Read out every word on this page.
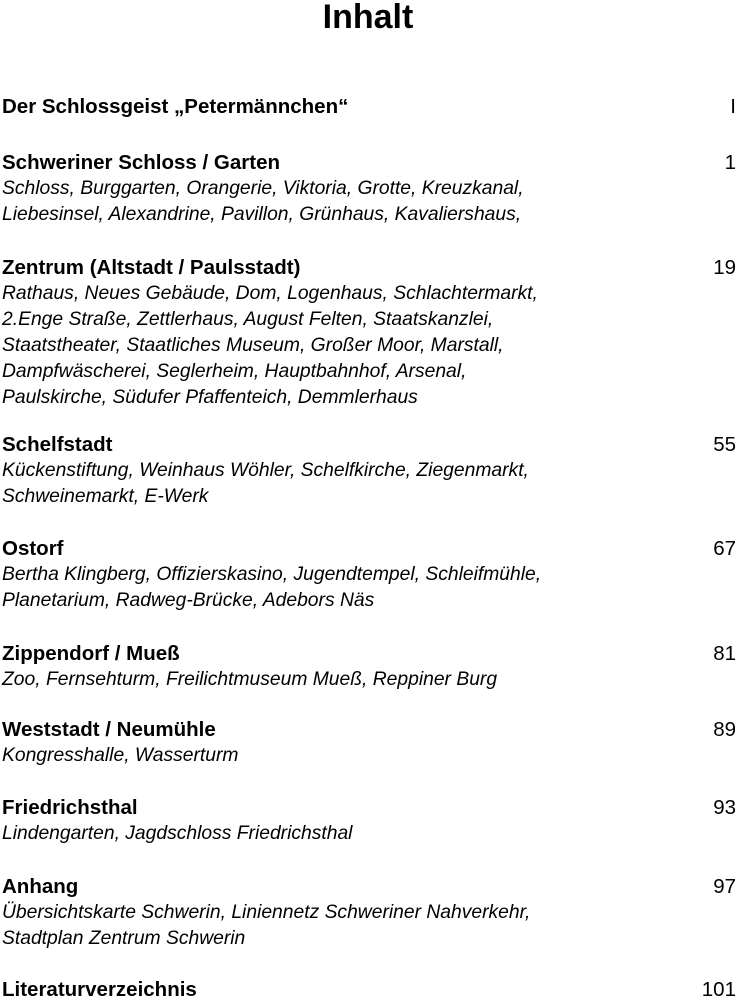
Inhalt
Der Schlossgeist „Petermännchen“	I
Schweriner Schloss / Garten	1
Schloss, Burggarten, Orangerie, Viktoria, Grotte, Kreuzkanal,
Liebesinsel, Alexandrine, Pavillon, Grünhaus, Kavaliershaus,
Zentrum (Altstadt / Paulsstadt)	19
Rathaus, Neues Gebäude, Dom, Logenhaus, Schlachtermarkt,
2.Enge Straße, Zettlerhaus, August Felten, Staatskanzlei,
Staatstheater, Staatliches Museum, Großer Moor, Marstall,
Dampfwäscherei, Seglerheim, Hauptbahnhof, Arsenal,
Paulskirche, Südufer Pfaffenteich, Demmlerhaus
Schelfstadt	55
Kückenstiftung, Weinhaus Wöhler, Schelfkirche, Ziegenmarkt,
Schweinemarkt, E-Werk
Ostorf	67
Bertha Klingberg, Offizierskasino, Jugendtempel, Schleifmühle,
Planetarium, Radweg-Brücke, Adebors Näs
Zippendorf / Mueß	81
Zoo, Fernsehturm, Freilichtmuseum Mueß, Reppiner Burg
Weststadt / Neumühle	89
Kongresshalle, Wasserturm
Friedrichsthal	93
Lindengarten, Jagdschloss Friedrichsthal
Anhang	97
Übersichtskarte Schwerin, Liniennetz Schweriner Nahverkehr,
Stadtplan Zentrum Schwerin
Literaturverzeichnis	101
